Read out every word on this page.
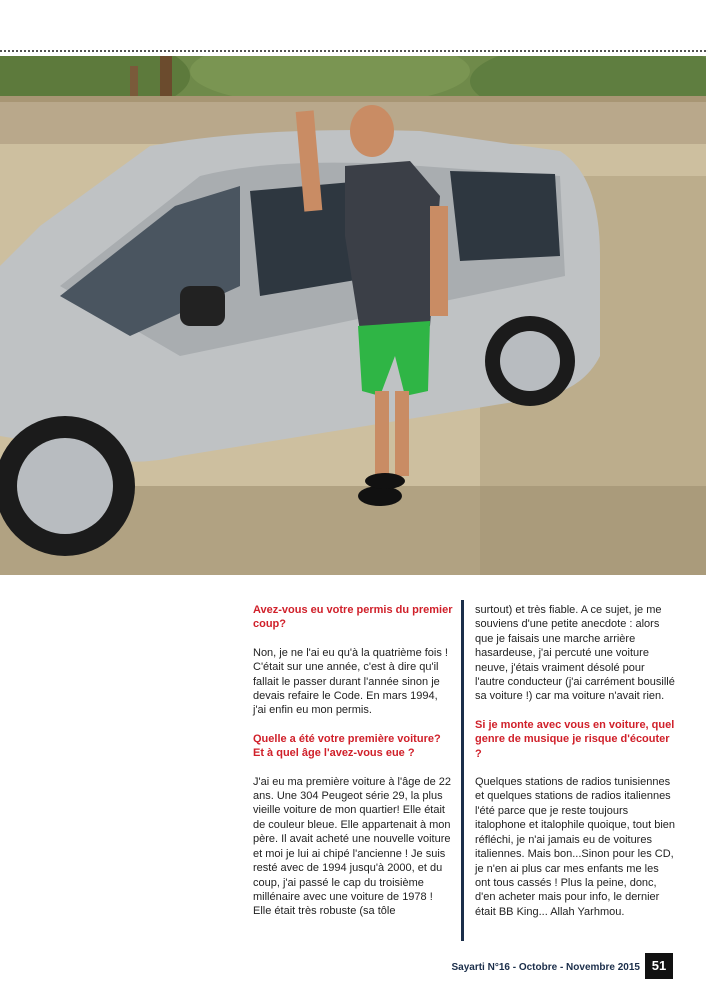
Avez-vous eu votre permis du premier coup?

Non, je ne l'ai eu qu'à la quatrième fois ! C'était sur une année, c'est à dire qu'il fallait le passer durant l'année sinon je devais refaire le Code. En mars 1994, j'ai enfin eu mon permis.

Quelle a été votre première voiture? Et à quel âge l'avez-vous eue ?

J'ai eu ma première voiture à l'âge de 22 ans. Une 304 Peugeot série 29, la plus vieille voiture de mon quartier! Elle était de couleur bleue. Elle appartenait à mon père. Il avait acheté une nouvelle voiture et moi je lui ai chipé l'ancienne ! Je suis resté avec de 1994 jusqu'à 2000, et du coup, j'ai passé le cap du troisième millénaire avec une voiture de 1978 ! Elle était très robuste (sa tôle

surtout) et très fiable. A ce sujet, je me souviens d'une petite anecdote : alors que je faisais une marche arrière hasardeuse, j'ai percuté une voiture neuve, j'étais vraiment désolé pour l'autre conducteur (j'ai carrément bousillé sa voiture !) car ma voiture n'avait rien.

Si je monte avec vous en voiture, quel genre de musique je risque d'écouter ?

Quelques stations de radios tunisiennes et quelques stations de radios italiennes l'été parce que je reste toujours italophone et italophile quoique, tout bien réfléchi, je n'ai jamais eu de voitures italiennes. Mais bon...Sinon pour les CD, je n'en ai plus car mes enfants me les ont tous cassés ! Plus la peine, donc, d'en acheter mais pour info, le dernier était BB King... Allah Yarhmou.

Sayarti N°16 - Octobre - Novembre 2015 51
